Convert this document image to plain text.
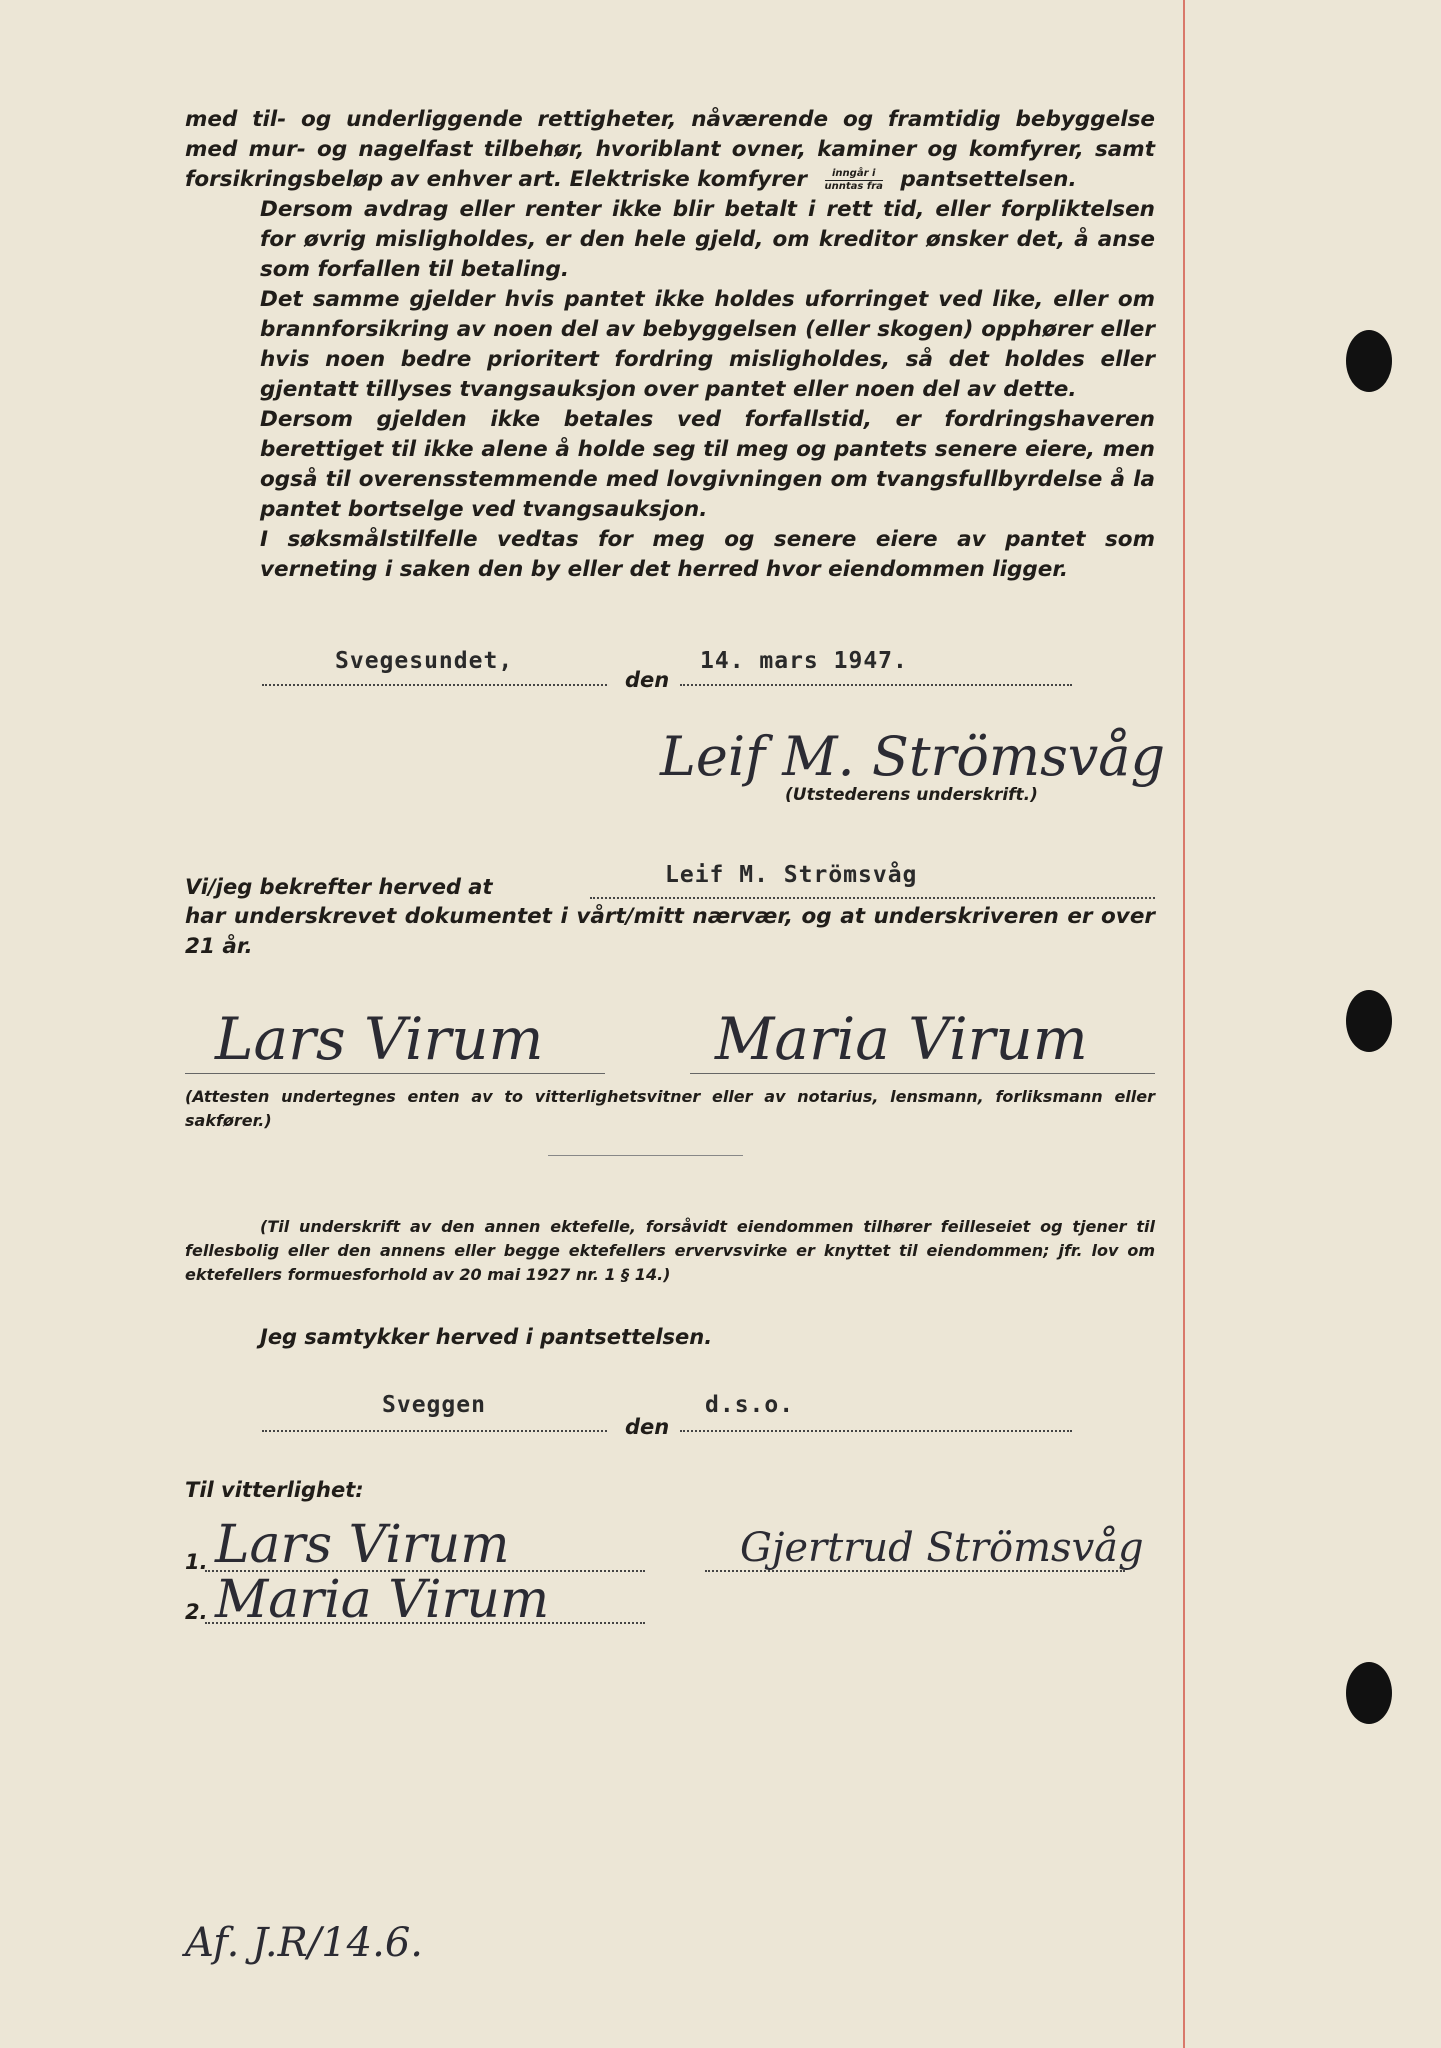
med til- og underliggende rettigheter, nåværende og framtidig bebyggelse med mur- og nagelfast tilbehør, hvoriblant ovner, kaminer og komfyrer, samt forsikringsbeløp av enhver art. Elektriske komfyrer $\frac{\text{inngår i}}{\text{unntas fra}}$ pantsettelsen.
Dersom avdrag eller renter ikke blir betalt i rett tid, eller forpliktelsen for øvrig misligholdes, er den hele gjeld, om kreditor ønsker det, å anse som forfallen til betaling.
Det samme gjelder hvis pantet ikke holdes uforringet ved like, eller om brannforsikring av noen del av bebyggelsen (eller skogen) opphører eller hvis noen bedre prioritert fordring misligholdes, så det holdes eller gjentatt tillyses tvangsauksjon over pantet eller noen del av dette.
Dersom gjelden ikke betales ved forfallstid, er fordringshaveren berettiget til ikke alene å holde seg til meg og pantets senere eiere, men også til overensstemmende med lovgivningen om tvangsfullbyrdelse å la pantet bortselge ved tvangsauksjon.
I søksmålstilfelle vedtas for meg og senere eiere av pantet som verneting i saken den by eller det herred hvor eiendommen ligger.
Svegesundet,
den
14. mars 1947.
Leif M. Strömsvåg
(Utstederens underskrift.)
Vi/jeg bekrefter herved at	Leif M. Strömsvåg
har underskrevet dokumentet i vårt/mitt nærvær, og at underskriveren er over 21 år.
Lars Virum	Maria Virum
(Attesten undertegnes enten av to vitterlighetsvitner eller av notarius, lensmann, forliksmann eller sakfører.)
(Til underskrift av den annen ektefelle, forsåvidt eiendommen tilhører feilleseiet og tjener til fellesbolig eller den annens eller begge ektefellers ervervsvirke er knyttet til eiendommen; jfr. lov om ektefellers formuesforhold av 20 mai 1927 nr. 1 § 14.)
Jeg samtykker herved i pantsettelsen.
Sveggen
den
d.s.o.
Til vitterlighet:
1.
2.
Lars Virum
Maria Virum
Gjertrud Strömsvåg
Af. J.R/14.6.
